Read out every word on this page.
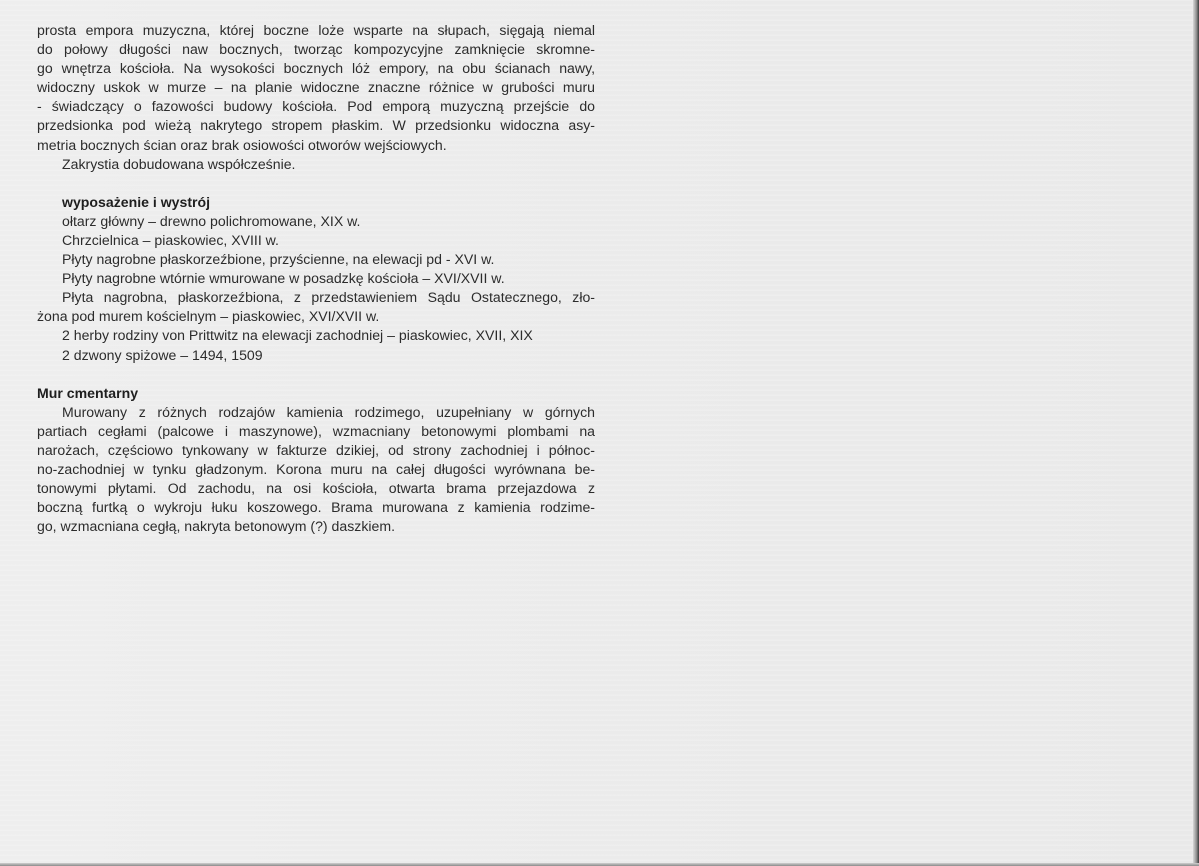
prosta empora muzyczna, której boczne loże wsparte na słupach, sięgają niemal
do połowy długości naw bocznych, tworząc kompozycyjne zamknięcie skromne-
go wnętrza kościoła. Na wysokości bocznych lóż empory, na obu ścianach nawy,
widoczny uskok w murze – na planie widoczne znaczne różnice w grubości muru
- świadczący o fazowości budowy kościoła. Pod emporą muzyczną przejście do
przedsionka pod wieżą nakrytego stropem płaskim. W przedsionku widoczna asy-
metria bocznych ścian oraz brak osiowości otworów wejściowych.
Zakrystia dobudowana współcześnie.
wyposażenie i wystrój
ołtarz główny – drewno polichromowane, XIX w.
Chrzcielnica – piaskowiec, XVIII w.
Płyty nagrobne płaskorzeźbione, przyścienne, na elewacji pd - XVI w.
Płyty nagrobne wtórnie wmurowane w posadzkę kościoła – XVI/XVII w.
Płyta nagrobna, płaskorzeźbiona, z przedstawieniem Sądu Ostatecznego, zło-
żona pod murem kościelnym – piaskowiec, XVI/XVII w.
2 herby rodziny von Prittwitz na elewacji zachodniej – piaskowiec, XVII, XIX
2 dzwony spiżowe – 1494, 1509
Mur cmentarny
Murowany z różnych rodzajów kamienia rodzimego, uzupełniany w górnych
partiach cegłami (palcowe i maszynowe), wzmacniany betonowymi plombami na
narożach, częściowo tynkowany w fakturze dzikiej, od strony zachodniej i północ-
no-zachodniej w tynku gładzonym. Korona muru na całej długości wyrównana be-
tonowymi płytami. Od zachodu, na osi kościoła, otwarta brama przejazdowa z
boczną furtką o wykroju łuku koszowego. Brama murowana z kamienia rodzime-
go, wzmacniana cegłą, nakryta betonowym (?) daszkiem.
